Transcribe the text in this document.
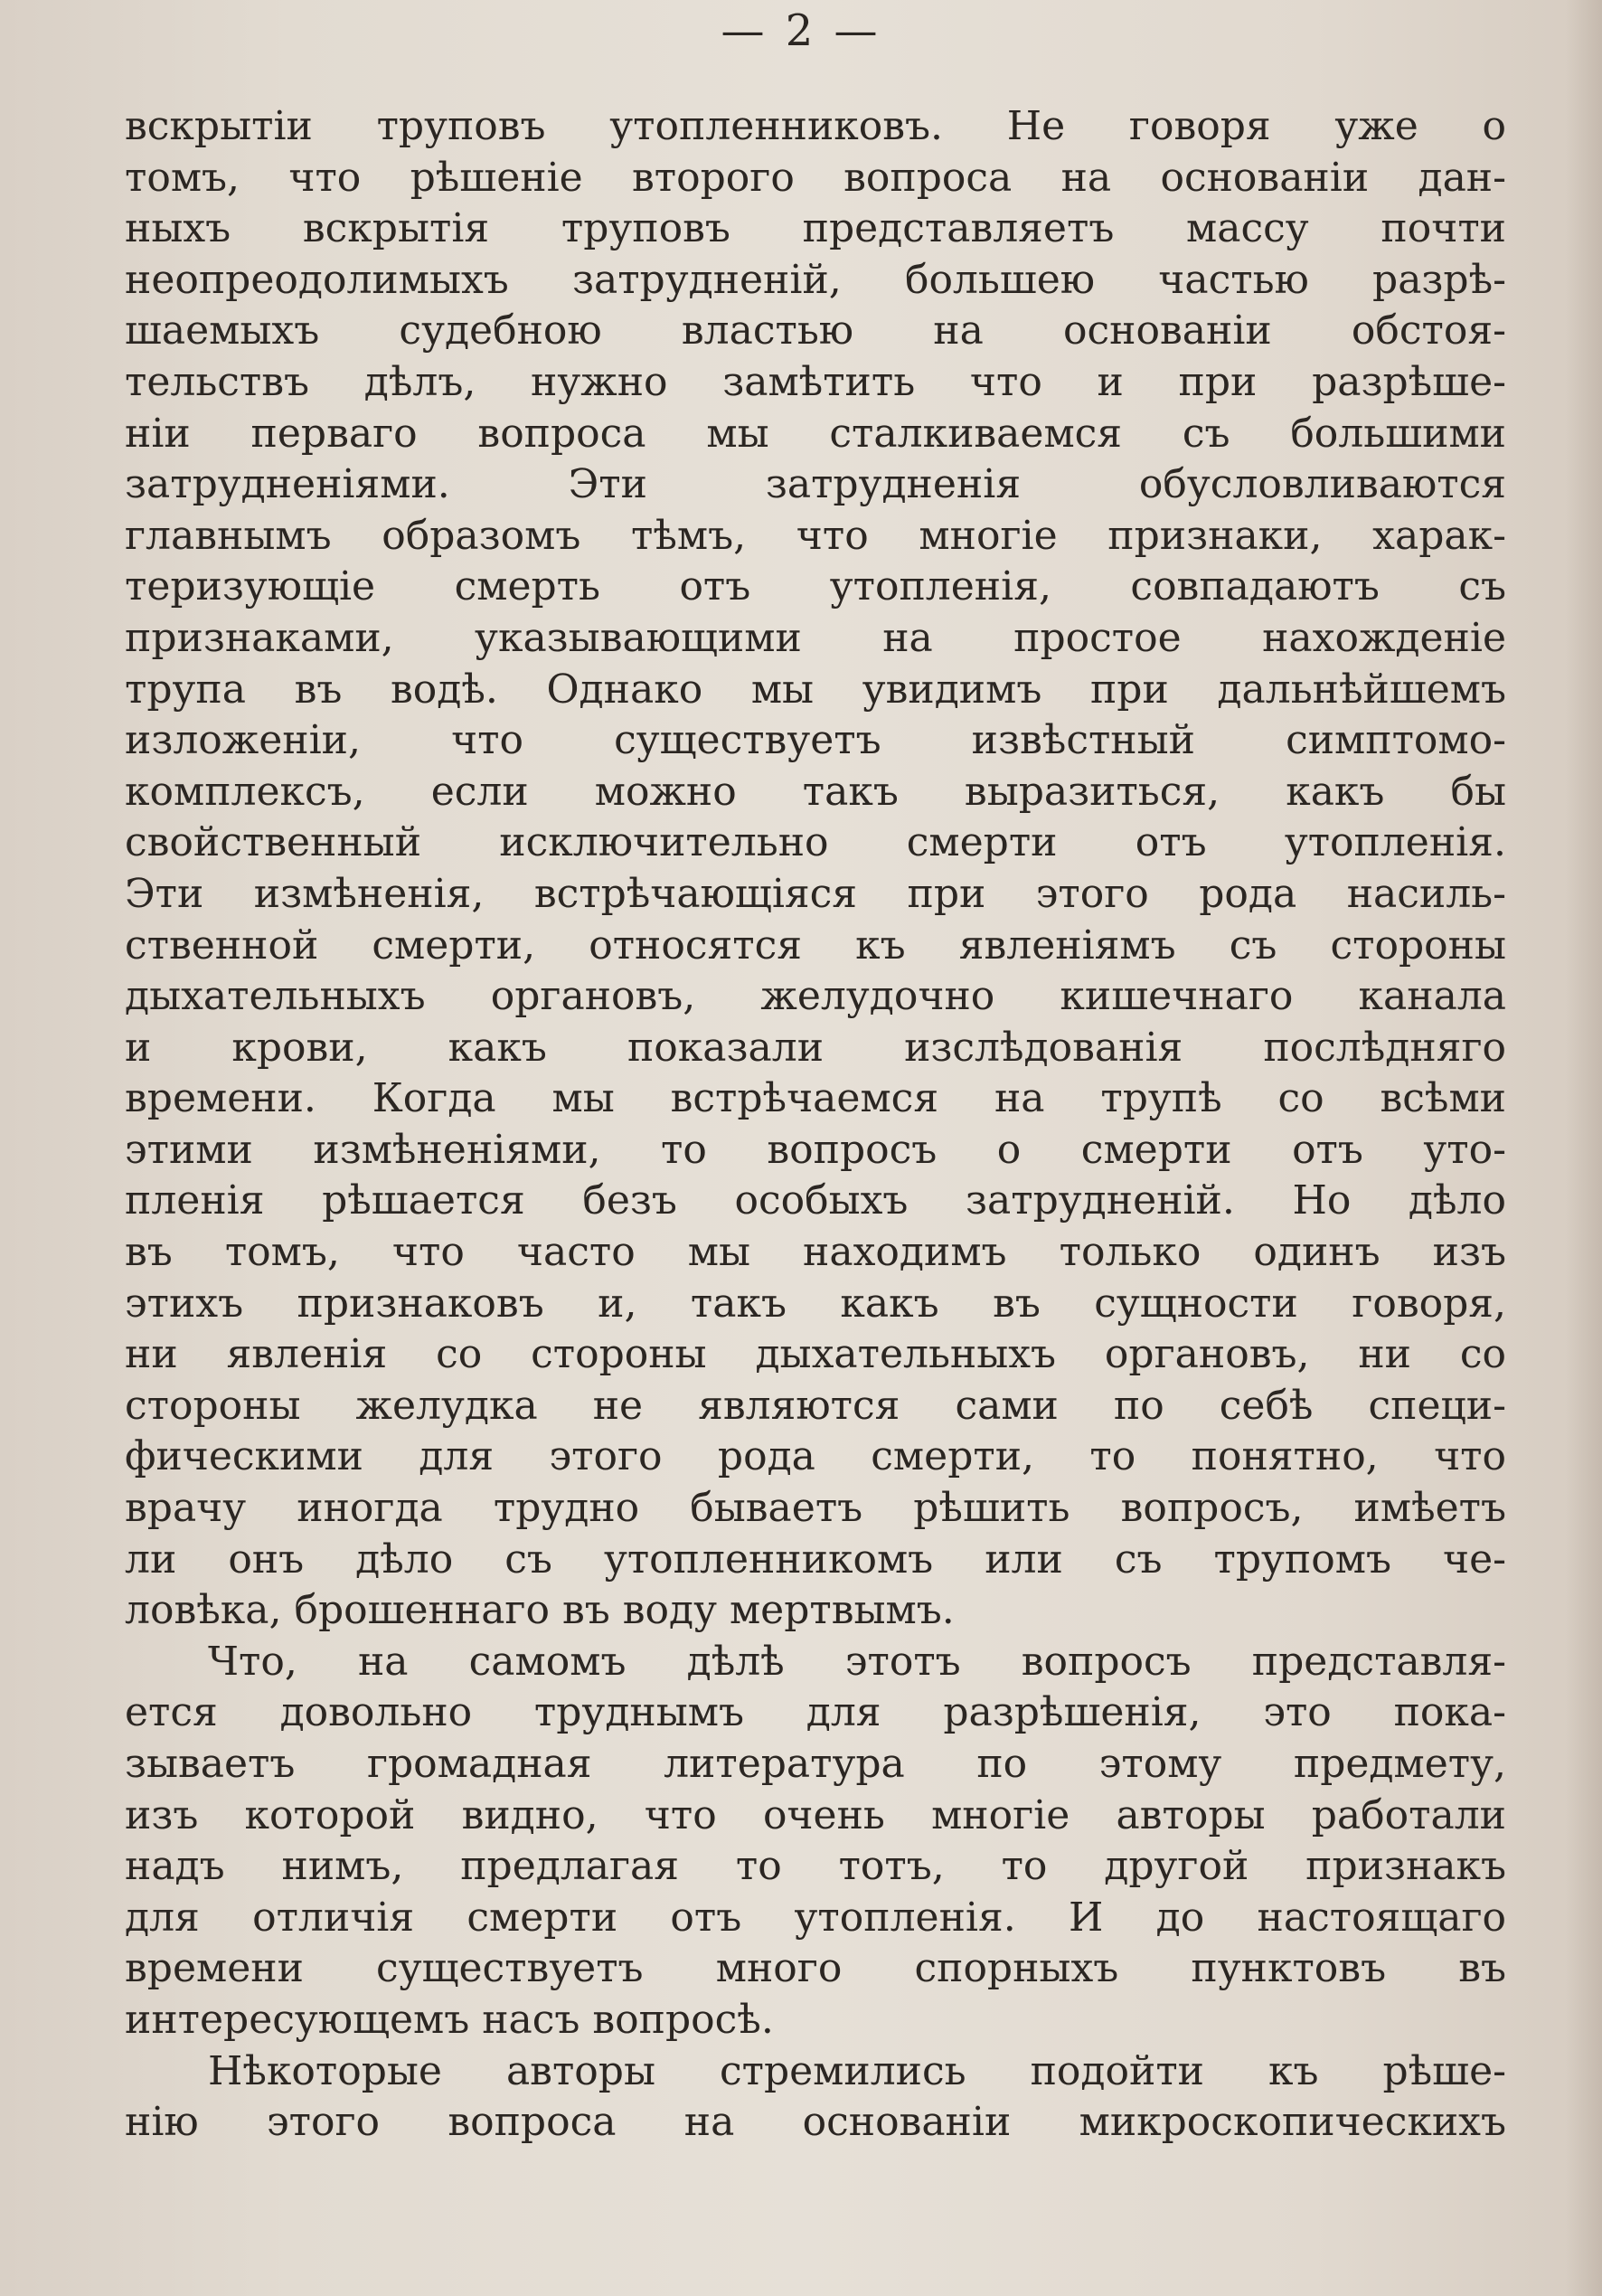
— 2 —
вскрытіи труповъ утопленниковъ. Не говоря уже о
томъ, что рѣшеніе второго вопроса на основаніи дан-
ныхъ вскрытія труповъ представляетъ массу почти
неопреодолимыхъ затрудненій, большею частью разрѣ-
шаемыхъ судебною властью на основаніи обстоя-
тельствъ дѣлъ, нужно замѣтить что и при разрѣше-
ніи перваго вопроса мы сталкиваемся съ большими
затрудненіями. Эти затрудненія обусловливаются
главнымъ образомъ тѣмъ, что многіе признаки, харак-
теризующіе смерть отъ утопленія, совпадаютъ съ
признаками, указывающими на простое нахожденіе
трупа въ водѣ. Однако мы увидимъ при дальнѣйшемъ
изложеніи, что существуетъ извѣстный симптомо-
комплексъ, если можно такъ выразиться, какъ бы
свойственный исключительно смерти отъ утопленія.
Эти измѣненія, встрѣчающіяся при этого рода насиль-
ственной смерти, относятся къ явленіямъ съ стороны
дыхательныхъ органовъ, желудочно кишечнаго канала
и крови, какъ показали изслѣдованія послѣдняго
времени. Когда мы встрѣчаемся на трупѣ со всѣми
этими измѣненіями, то вопросъ о смерти отъ уто-
пленія рѣшается безъ особыхъ затрудненій. Но дѣло
въ томъ, что часто мы находимъ только одинъ изъ
этихъ признаковъ и, такъ какъ въ сущности говоря,
ни явленія со стороны дыхательныхъ органовъ, ни со
стороны желудка не являются сами по себѣ специ-
фическими для этого рода смерти, то понятно, что
врачу иногда трудно бываетъ рѣшить вопросъ, имѣетъ
ли онъ дѣло съ утопленникомъ или съ трупомъ че-
ловѣка, брошеннаго въ воду мертвымъ.
Что, на самомъ дѣлѣ этотъ вопросъ представля-
ется довольно труднымъ для разрѣшенія, это пока-
зываетъ громадная литература по этому предмету,
изъ которой видно, что очень многіе авторы работали
надъ нимъ, предлагая то тотъ, то другой признакъ
для отличія смерти отъ утопленія. И до настоящаго
времени существуетъ много спорныхъ пунктовъ въ
интересующемъ насъ вопросѣ.
Нѣкоторые авторы стремились подойти къ рѣше-
нію этого вопроса на основаніи микроскопическихъ
